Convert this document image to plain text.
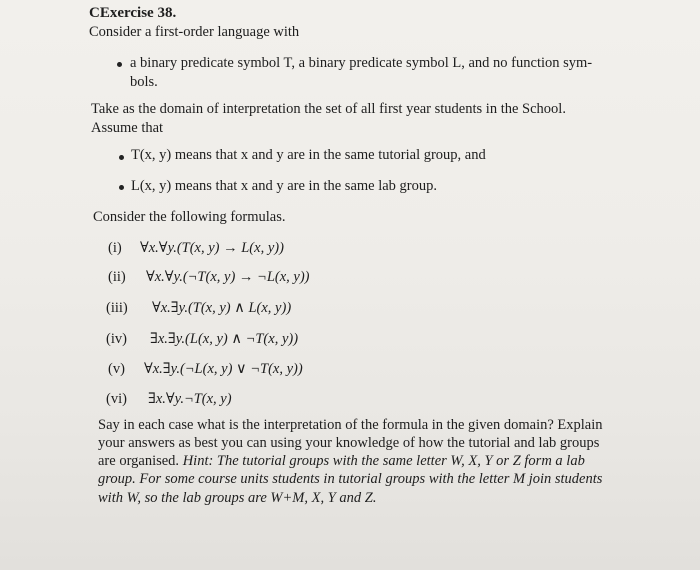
CExercise 38.
Consider a first-order language with
a binary predicate symbol T, a binary predicate symbol L, and no function sym-
bols.
Take as the domain of interpretation the set of all first year students in the School.
Assume that
T(x, y) means that x and y are in the same tutorial group, and
L(x, y) means that x and y are in the same lab group.
Consider the following formulas.
(i) ∀x.∀y.(T(x, y) → L(x, y))
(ii) ∀x.∀y.(¬T(x, y) → ¬L(x, y))
(iii) ∀x.∃y.(T(x, y) ∧ L(x, y))
(iv) ∃x.∃y.(L(x, y) ∧ ¬T(x, y))
(v) ∀x.∃y.(¬L(x, y) ∨ ¬T(x, y))
(vi) ∃x.∀y.¬T(x, y)
Say in each case what is the interpretation of the formula in the given domain? Explain
your answers as best you can using your knowledge of how the tutorial and lab groups
are organised. Hint: The tutorial groups with the same letter W, X, Y or Z form a lab
group. For some course units students in tutorial groups with the letter M join students
with W, so the lab groups are W+M, X, Y and Z.
